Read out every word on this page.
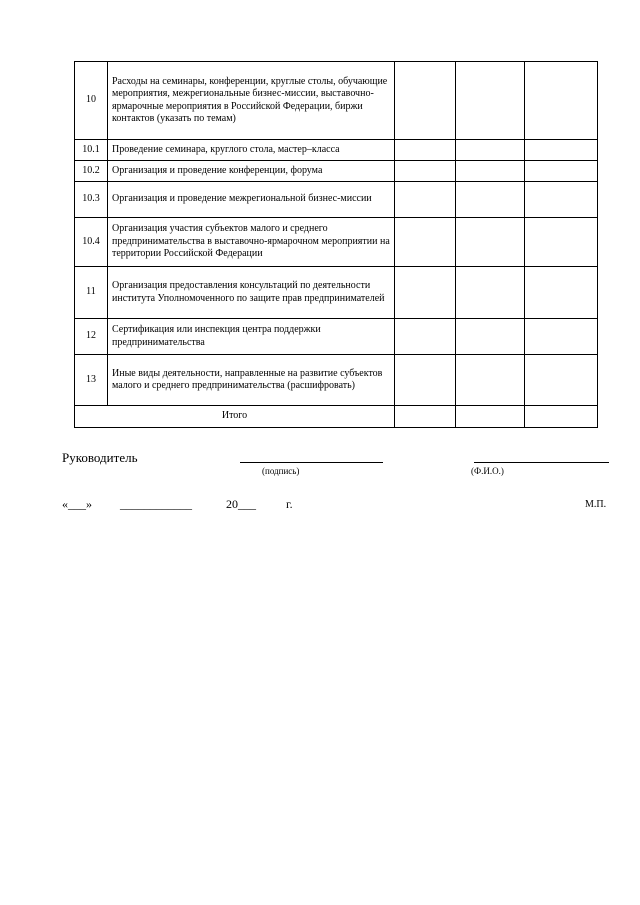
10	Расходы на семинары, конференции, круглые столы, обучающие мероприятия, межрегиональные бизнес-миссии, выставочно-ярмарочные мероприятия в Российской Федерации, биржи контактов (указать по темам)			
10.1	Проведение семинара, круглого стола, мастер–класса			
10.2	Организация и проведение конференции, форума			
10.3	Организация и проведение межрегиональной бизнес-миссии			
10.4	Организация участия субъектов малого и среднего предпринимательства в выставочно-ярмарочном мероприятии на территории Российской Федерации			
11	Организация предоставления консультаций по деятельности института Уполномоченного по защите прав предпринимателей			
12	Сертификация или инспекция центра поддержки предпринимательства			
13	Иные виды деятельности, направленные на развитие субъектов малого и среднего предпринимательства (расшифровать)			
Итого				
Руководитель
(подпись)	(Ф.И.О.)
«___» ____________	20___	г.	М.П.
